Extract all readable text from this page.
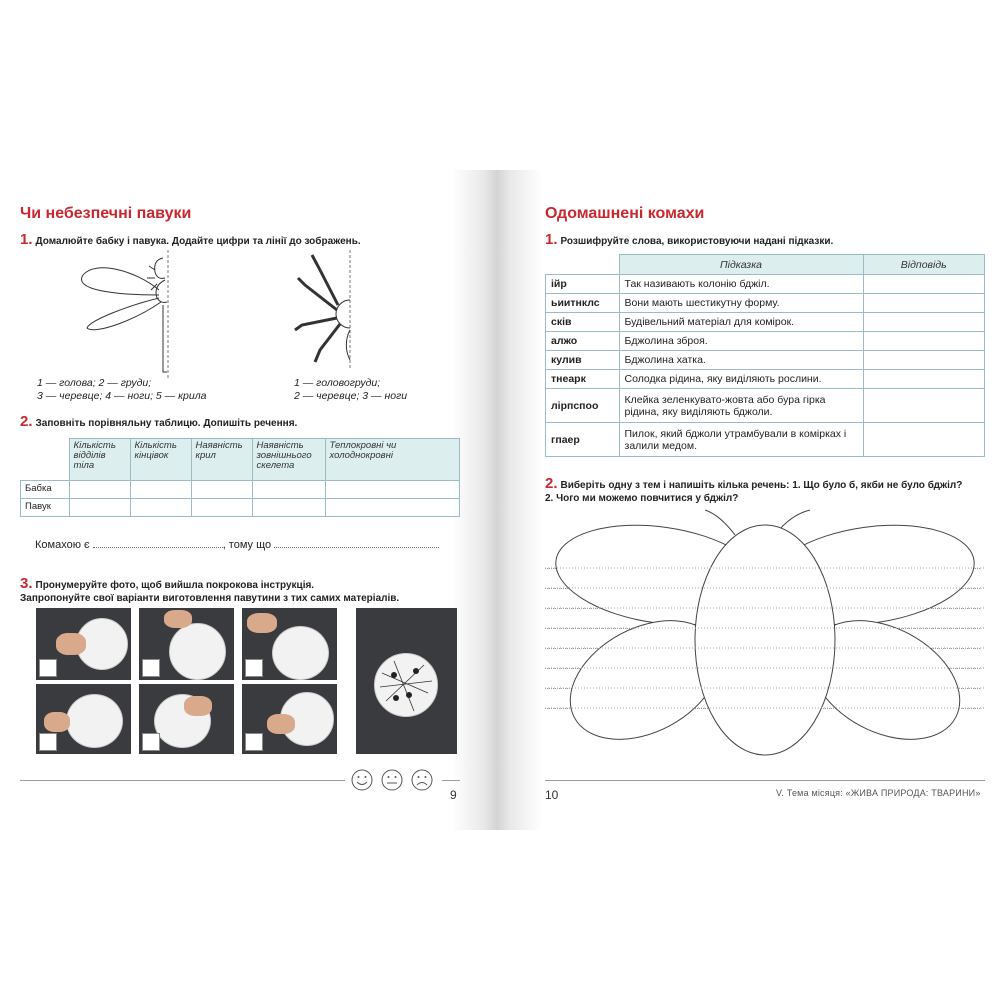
Чи небезпечні павуки
1. Домалюйте бабку і павука. Додайте цифри та лінії до зображень.
1 — голова; 2 — груди;
3 — черевце; 4 — ноги; 5 — крила
1 — головогруди;
2 — черевце; 3 — ноги
2. Заповніть порівняльну таблицю. Допишіть речення.
	Кількість відділів тіла	Кількість кінцівок	Наявність крил	Наявність зовнішнього скелета	Теплокровні чи холоднокровні
Бабка					
Павук					
Комахою є	, тому що
3. Пронумеруйте фото, щоб вийшла покрокова інструкція.
Запропонуйте свої варіанти виготовлення павутини з тих самих матеріалів.
9
Одомашнені комахи
1. Розшифруйте слова, використовуючи надані підказки.
	Підказка	Відповідь
ійр	Так називають колонію бджіл.	
ьиитнклс	Вони мають шестикутну форму.	
сків	Будівельний матеріал для комірок.	
алжо	Бджолина зброя.	
кулив	Бджолина хатка.	
тнеарк	Солодка рідина, яку виділяють рослини.	
лірпспоо	Клейка зеленкувато-жовта або бура гірка рідина, яку виділяють бджоли.	
гпаер	Пилок, який бджоли утрамбували в комірках і залили медом.	
2. Виберіть одну з тем і напишіть кілька речень: 1. Що було б, якби не було бджіл?
2. Чого ми можемо повчитися у бджіл?
10	V. Тема місяця: «ЖИВА ПРИРОДА: ТВАРИНИ»
